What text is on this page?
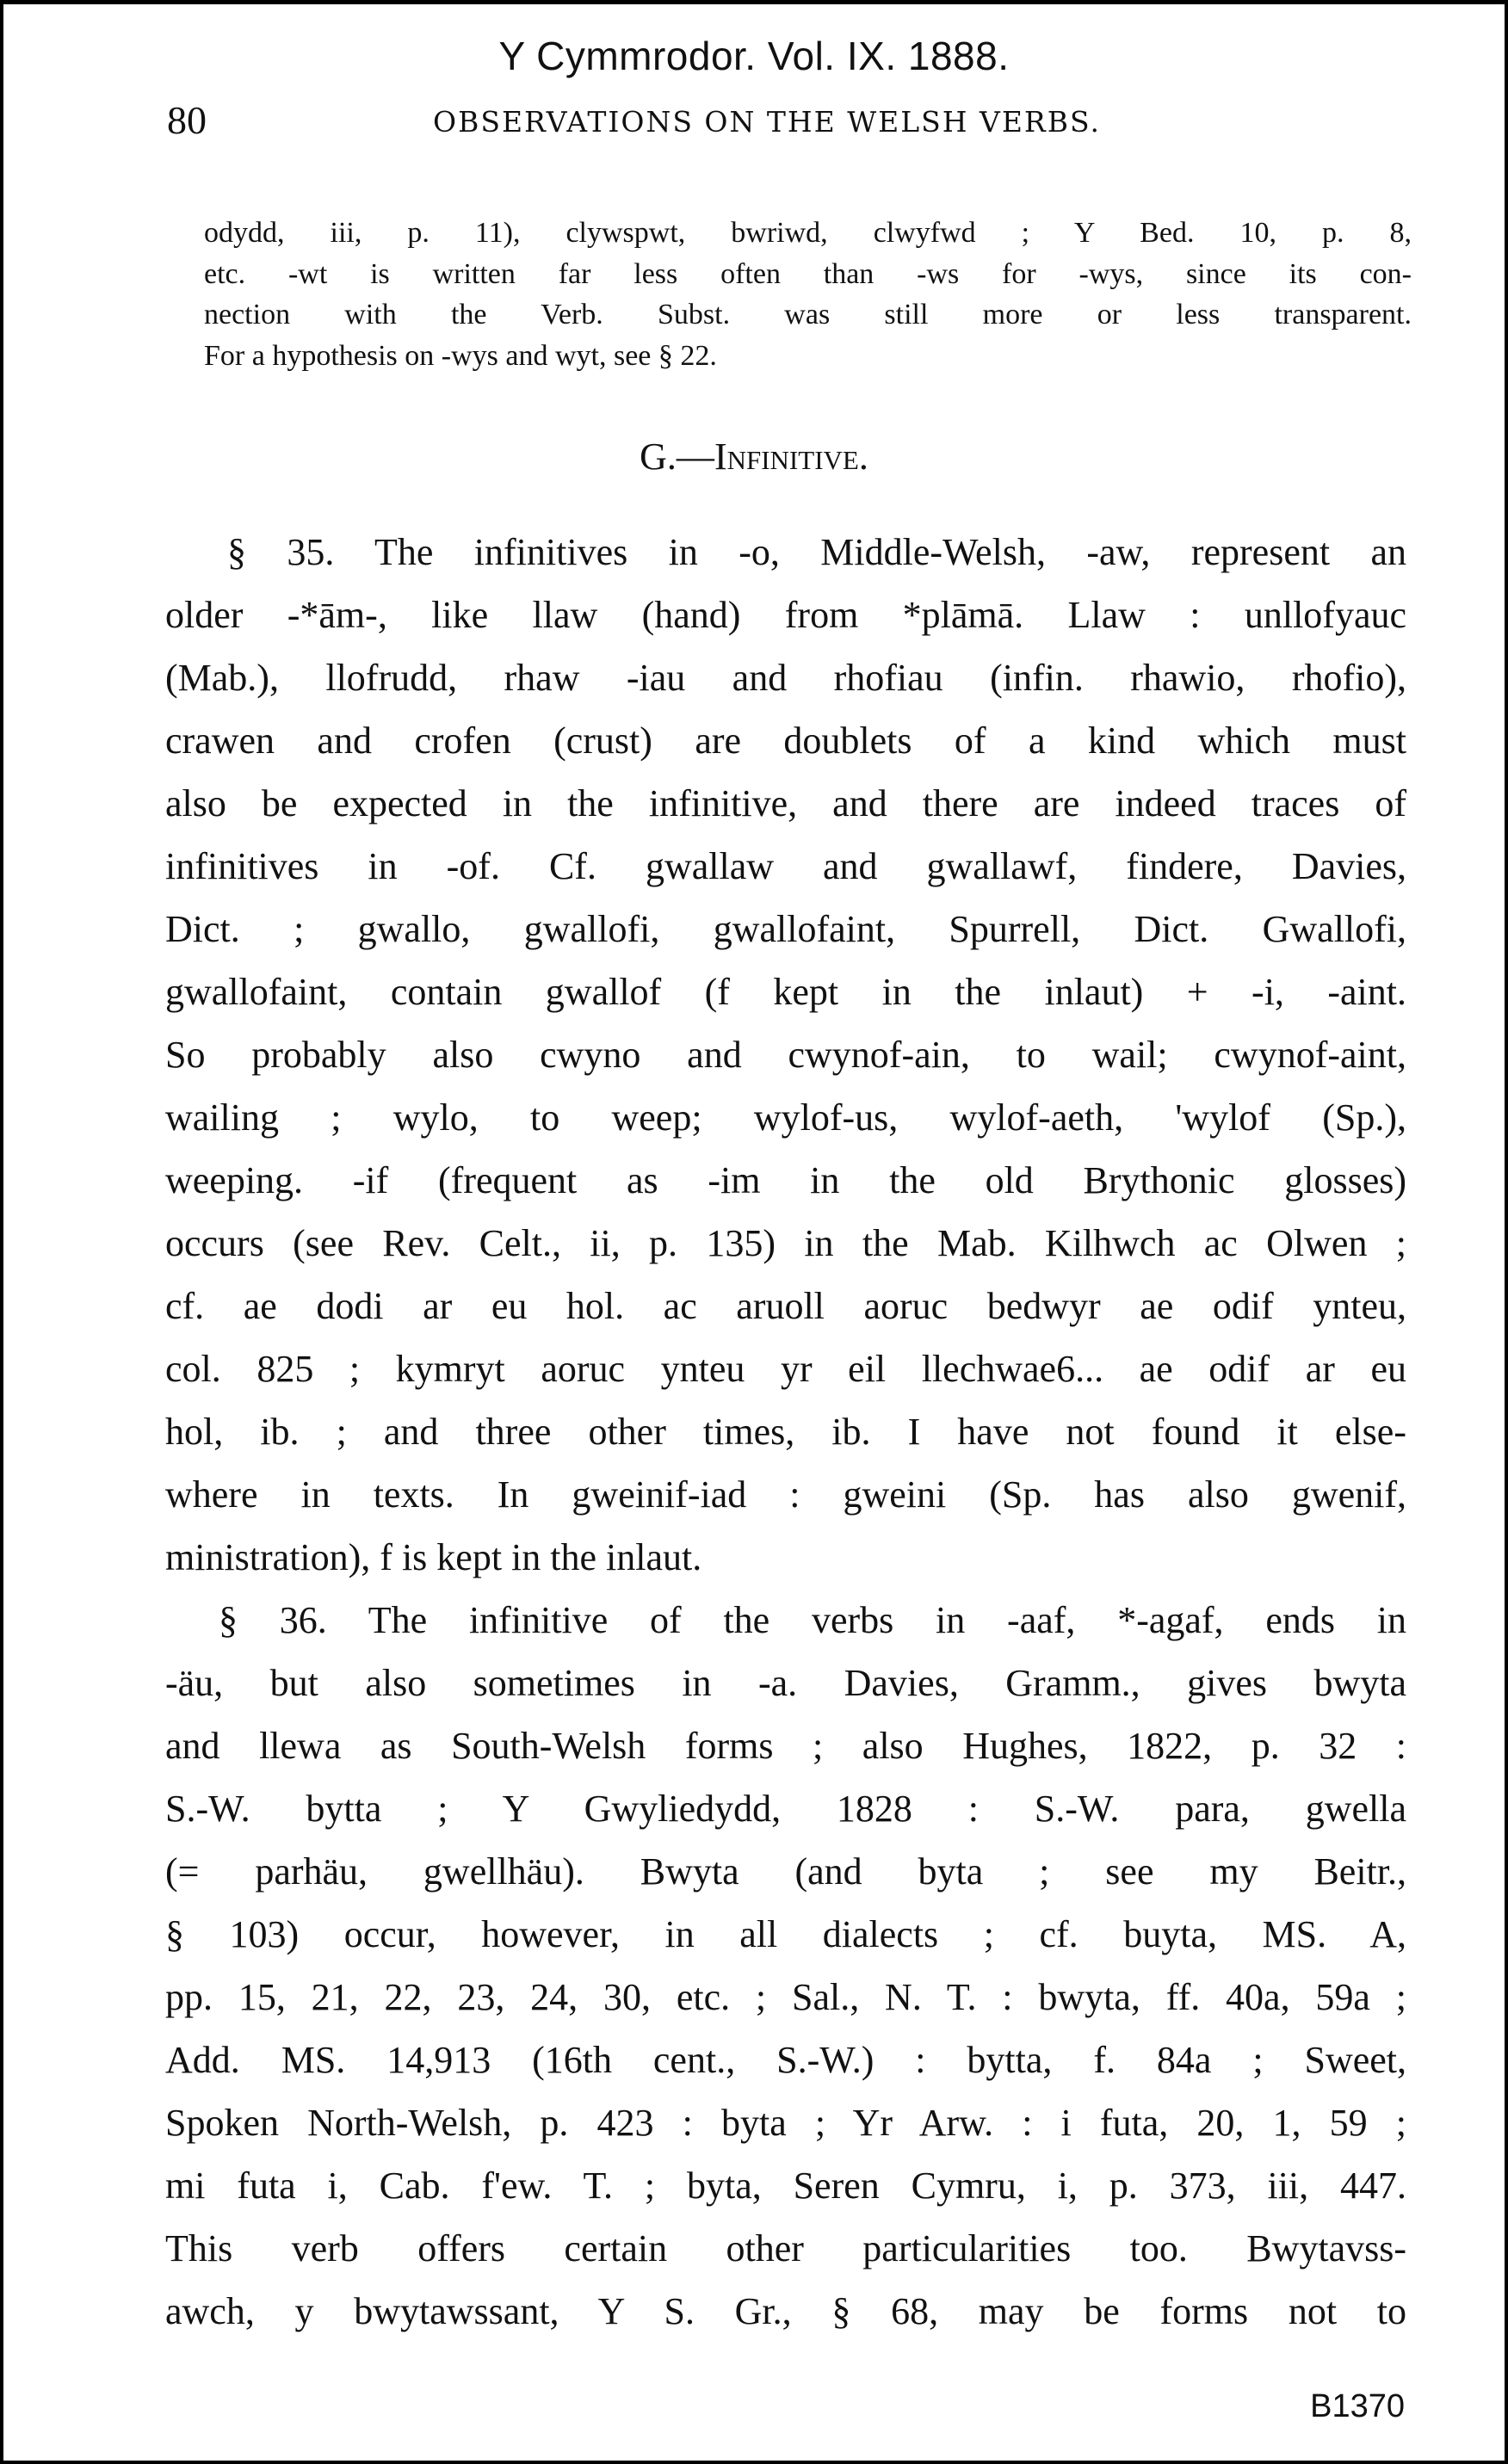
Y Cymmrodor. Vol. IX. 1888.
80	OBSERVATIONS ON THE WELSH VERBS.
odydd, iii, p. 11), clywspwt, bwriwd, clwyfwd ; Y Bed. 10, p. 8,
etc. -wt is written far less often than -ws for -wys, since its con-
nection with the Verb. Subst. was still more or less transparent.
For a hypothesis on -wys and wyt, see § 22.
G.—Infinitive.
§ 35. The infinitives in -o, Middle-Welsh, -aw, represent an
older -*ām-, like llaw (hand) from *plāmā. Llaw : unllofyauc
(Mab.), llofrudd, rhaw -iau and rhofiau (infin. rhawio, rhofio),
crawen and crofen (crust) are doublets of a kind which must
also be expected in the infinitive, and there are indeed traces of
infinitives in -of. Cf. gwallaw and gwallawf, findere, Davies,
Dict. ; gwallo, gwallofi, gwallofaint, Spurrell, Dict. Gwallofi,
gwallofaint, contain gwallof (f kept in the inlaut) + -i, -aint.
So probably also cwyno and cwynof-ain, to wail; cwynof-aint,
wailing ; wylo, to weep; wylof-us, wylof-aeth, 'wylof (Sp.),
weeping. -if (frequent as -im in the old Brythonic glosses)
occurs (see Rev. Celt., ii, p. 135) in the Mab. Kilhwch ac Olwen ;
cf. ae dodi ar eu hol. ac aruoll aoruc bedwyr ae odif ynteu,
col. 825 ; kymryt aoruc ynteu yr eil llechwae6... ae odif ar eu
hol, ib. ; and three other times, ib. I have not found it else-
where in texts. In gweinif-iad : gweini (Sp. has also gwenif,
ministration), f is kept in the inlaut.
§ 36. The infinitive of the verbs in -aaf, *-agaf, ends in
-äu, but also sometimes in -a. Davies, Gramm., gives bwyta
and llewa as South-Welsh forms ; also Hughes, 1822, p. 32 :
S.-W. bytta ; Y Gwyliedydd, 1828 : S.-W. para, gwella
(= parhäu, gwellhäu). Bwyta (and byta ; see my Beitr.,
§ 103) occur, however, in all dialects ; cf. buyta, MS. A,
pp. 15, 21, 22, 23, 24, 30, etc. ; Sal., N. T. : bwyta, ff. 40a, 59a ;
Add. MS. 14,913 (16th cent., S.-W.) : bytta, f. 84a ; Sweet,
Spoken North-Welsh, p. 423 : byta ; Yr Arw. : i futa, 20, 1, 59 ;
mi futa i, Cab. f'ew. T. ; byta, Seren Cymru, i, p. 373, iii, 447.
This verb offers certain other particularities too. Bwytavss-
awch, y bwytawssant, Y S. Gr., § 68, may be forms not to
B1370
